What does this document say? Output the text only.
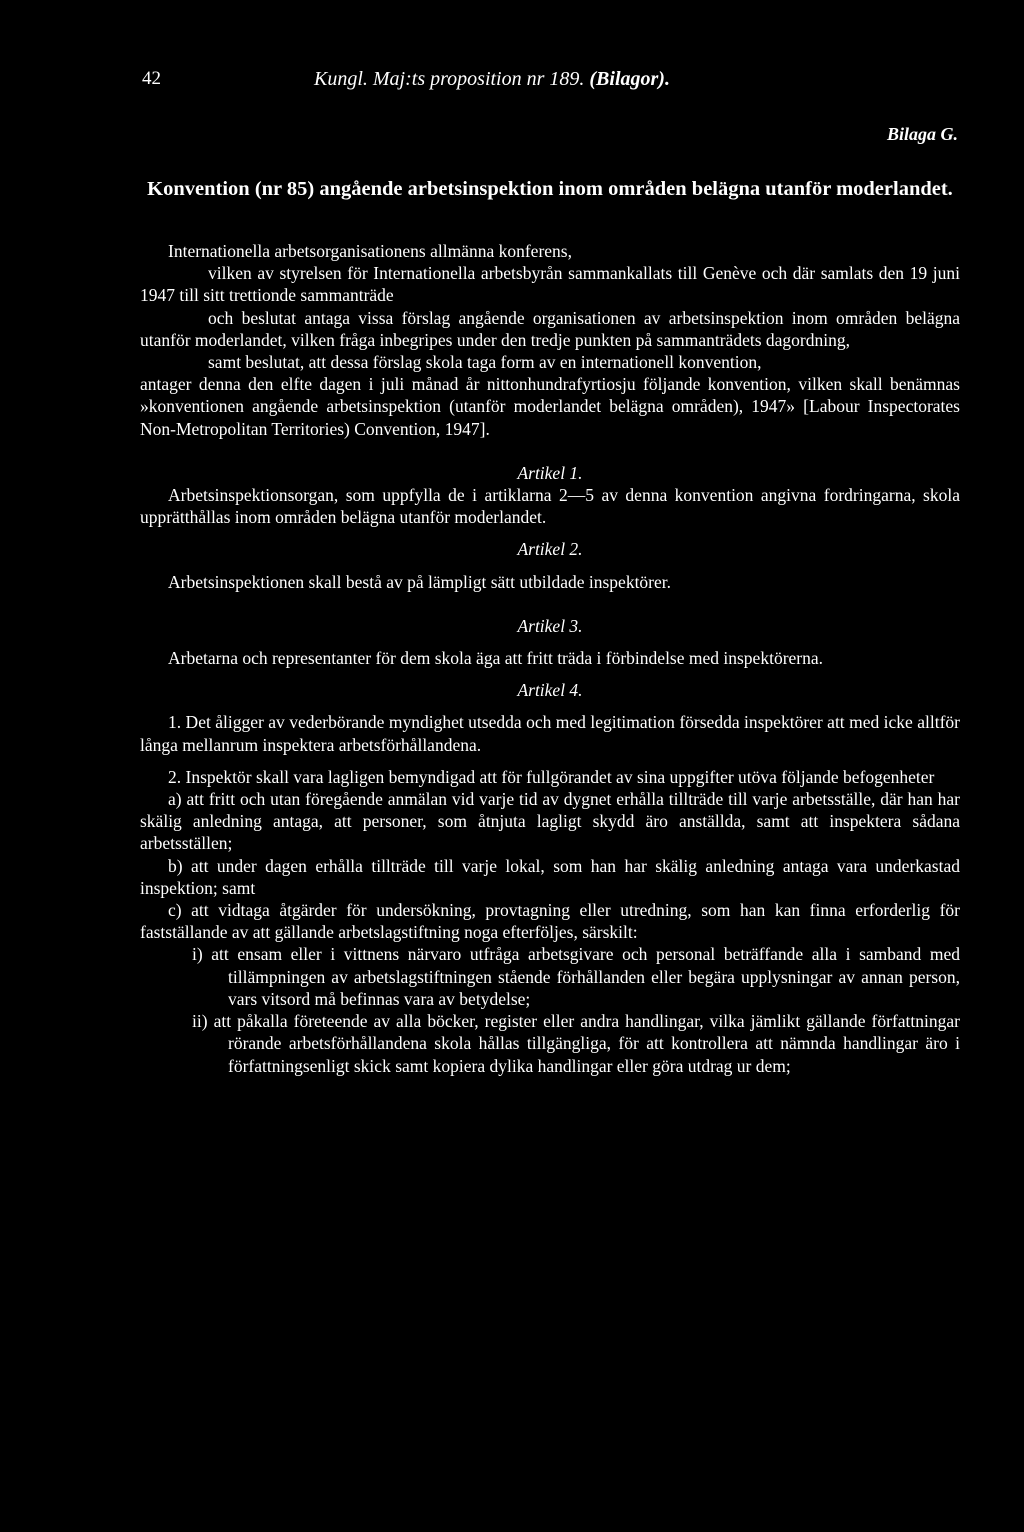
42	Kungl. Maj:ts proposition nr 189. (Bilagor).
Bilaga G.
Konvention (nr 85) angående arbetsinspektion inom områden belägna utanför moderlandet.

Internationella arbetsorganisationens allmänna konferens,

vilken av styrelsen för Internationella arbetsbyrån sammankallats till Genève och där samlats den 19 juni 1947 till sitt trettionde sammanträde

och beslutat antaga vissa förslag angående organisationen av arbetsinspektion inom områden belägna utanför moderlandet, vilken fråga inbegripes under den tredje punkten på sammanträdets dagordning,

samt beslutat, att dessa förslag skola taga form av en internationell konvention,

antager denna den elfte dagen i juli månad år nittonhundrafyrtiosju följande konvention, vilken skall benämnas »konventionen angående arbetsinspektion (utanför moderlandet belägna områden), 1947» [Labour Inspectorates Non-Metropolitan Territories) Convention, 1947].

Artikel 1.

Arbetsinspektionsorgan, som uppfylla de i artiklarna 2—5 av denna konvention angivna fordringarna, skola upprätthållas inom områden belägna utanför moderlandet.

Artikel 2.

Arbetsinspektionen skall bestå av på lämpligt sätt utbildade inspektörer.

Artikel 3.

Arbetarna och representanter för dem skola äga att fritt träda i förbindelse med inspektörerna.

Artikel 4.

1. Det åligger av vederbörande myndighet utsedda och med legitimation försedda inspektörer att med icke alltför långa mellanrum inspektera arbetsförhållandena.

2. Inspektör skall vara lagligen bemyndigad att för fullgörandet av sina uppgifter utöva följande befogenheter

a) att fritt och utan föregående anmälan vid varje tid av dygnet erhålla tillträde till varje arbetsställe, där han har skälig anledning antaga, att personer, som åtnjuta lagligt skydd äro anställda, samt att inspektera sådana arbetsställen;

b) att under dagen erhålla tillträde till varje lokal, som han har skälig anledning antaga vara underkastad inspektion; samt

c) att vidtaga åtgärder för undersökning, provtagning eller utredning, som han kan finna erforderlig för fastställande av att gällande arbetslagstiftning noga efterföljes, särskilt:

i) att ensam eller i vittnens närvaro utfråga arbetsgivare och personal beträffande alla i samband med tillämpningen av arbetslagstiftningen stående förhållanden eller begära upplysningar av annan person, vars vitsord må befinnas vara av betydelse;

ii) att påkalla företeende av alla böcker, register eller andra handlingar, vilka jämlikt gällande författningar rörande arbetsförhållandena skola hållas tillgängliga, för att kontrollera att nämnda handlingar äro i författningsenligt skick samt kopiera dylika handlingar eller göra utdrag ur dem;
